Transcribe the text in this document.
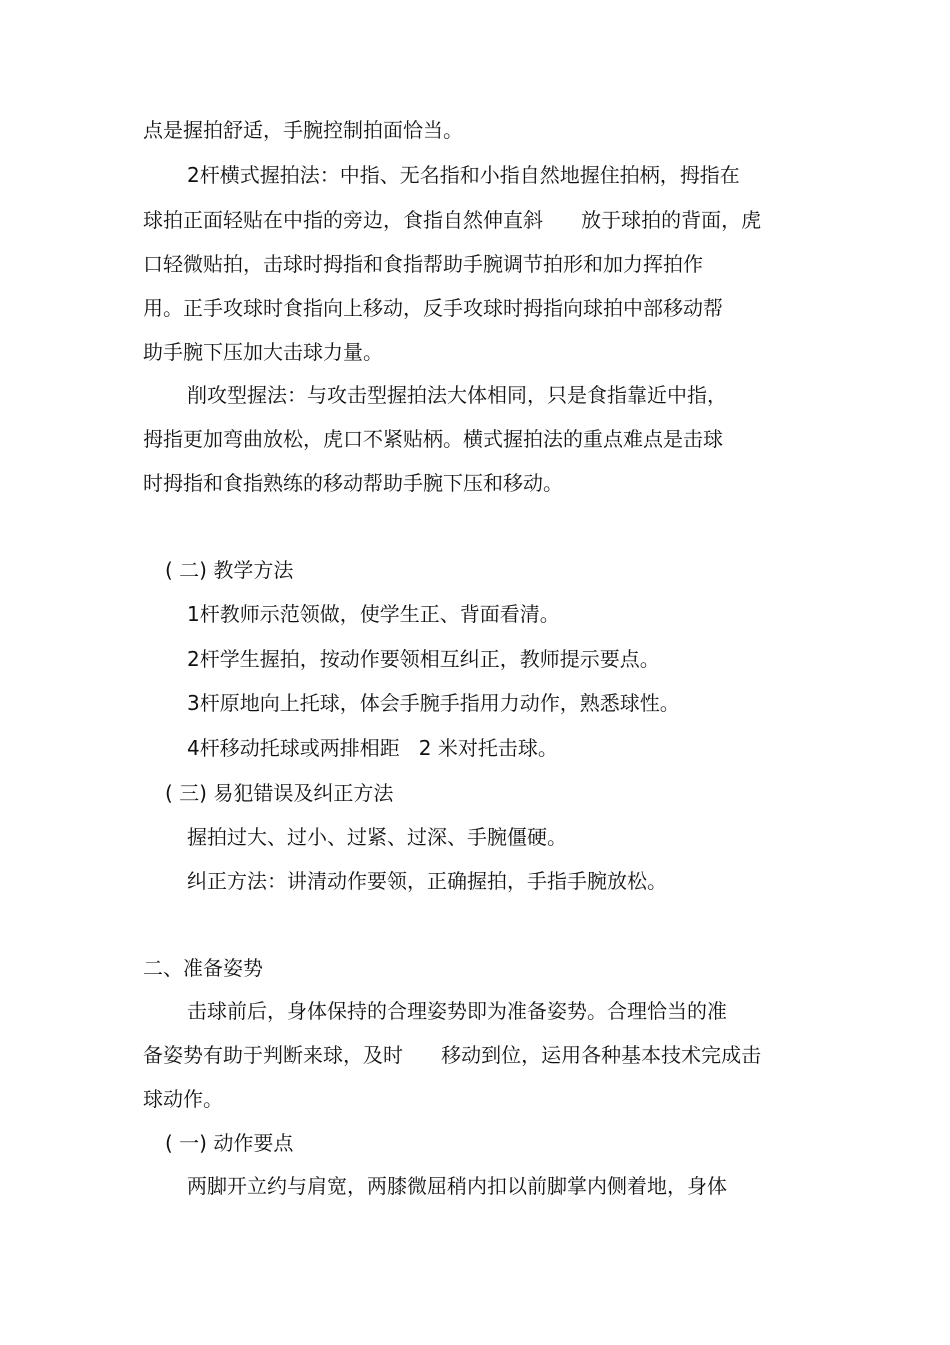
点是握拍舒适，手腕控制拍面恰当。
2杆横式握拍法：中指、无名指和小指自然地握住拍柄，拇指在
球拍正面轻贴在中指的旁边，食指自然伸直斜      放于球拍的背面，虎
口轻微贴拍，击球时拇指和食指帮助手腕调节拍形和加力挥拍作
用。正手攻球时食指向上移动，反手攻球时拇指向球拍中部移动帮
助手腕下压加大击球力量。
削攻型握法：与攻击型握拍法大体相同，只是食指靠近中指，
拇指更加弯曲放松，虎口不紧贴柄。横式握拍法的重点难点是击球
时拇指和食指熟练的移动帮助手腕下压和移动。
( 二) 教学方法
1杆教师示范领做，使学生正、背面看清。
2杆学生握拍，按动作要领相互纠正，教师提示要点。
3杆原地向上托球，体会手腕手指用力动作，熟悉球性。
4杆移动托球或两排相距   2 米对托击球。
( 三) 易犯错误及纠正方法
握拍过大、过小、过紧、过深、手腕僵硬。
纠正方法：讲清动作要领，正确握拍，手指手腕放松。
二、准备姿势
击球前后，身体保持的合理姿势即为准备姿势。合理恰当的准
备姿势有助于判断来球，及时      移动到位，运用各种基本技术完成击
球动作。
( 一) 动作要点
两脚开立约与肩宽，两膝微屈稍内扣以前脚掌内侧着地，身体
